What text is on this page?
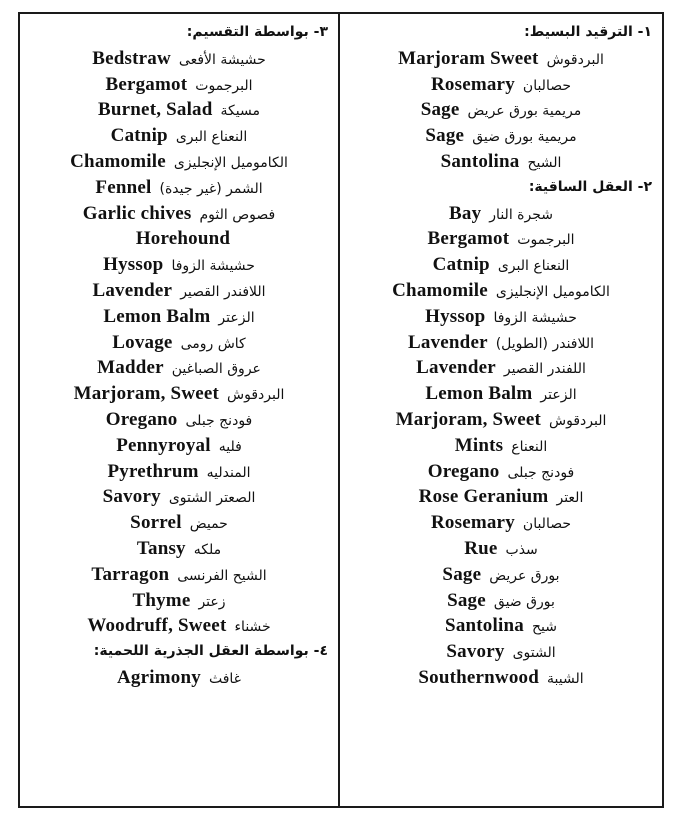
٣- بواسطة التقسيم:
حشيشة الأفعىBedstraw
البرجموتBergamot
مسيكةBurnet, Salad
النعناع البرىCatnip
الكاموميل الإنجليزىChamomile
الشمر (غير جيدة)Fennel
فصوص الثومGarlic chives
Horehound
حشيشة الزوفاHyssop
اللافندر القصيرLavender
الزعترLemon Balm
كاش رومىLovage
عروق الصباغينMadder
البردقوشMarjoram, Sweet
فودنج جبلىOregano
فليهPennyroyal
المندليهPyrethrum
الصعتر الشتوىSavory
حميضSorrel
ملكهTansy
الشيح الفرنسىTarragon
زعترThyme
خشناءWoodruff, Sweet
٤- بواسطة العقل الجذرية اللحمية:
غافثAgrimony
١- الترقيد البسيط:
البردقوشMarjoram Sweet
حصالبانRosemary
مريمية بورق عريضSage
مريمية بورق ضيقSage
الشيحSantolina
٢- العقل الساقية:
شجرة النارBay
البرجموتBergamot
النعناع البرىCatnip
الكاموميل الإنجليزىChamomile
حشيشة الزوفاHyssop
اللافندر (الطويل)Lavender
اللفندر القصيرLavender
الزعترLemon Balm
البردقوشMarjoram, Sweet
النعناعMints
فودنج جبلىOregano
العترRose Geranium
حصالبانRosemary
سذبRue
بورق عريضSage
بورق ضيقSage
شيحSantolina
الشتوىSavory
الشيبةSouthernwood
